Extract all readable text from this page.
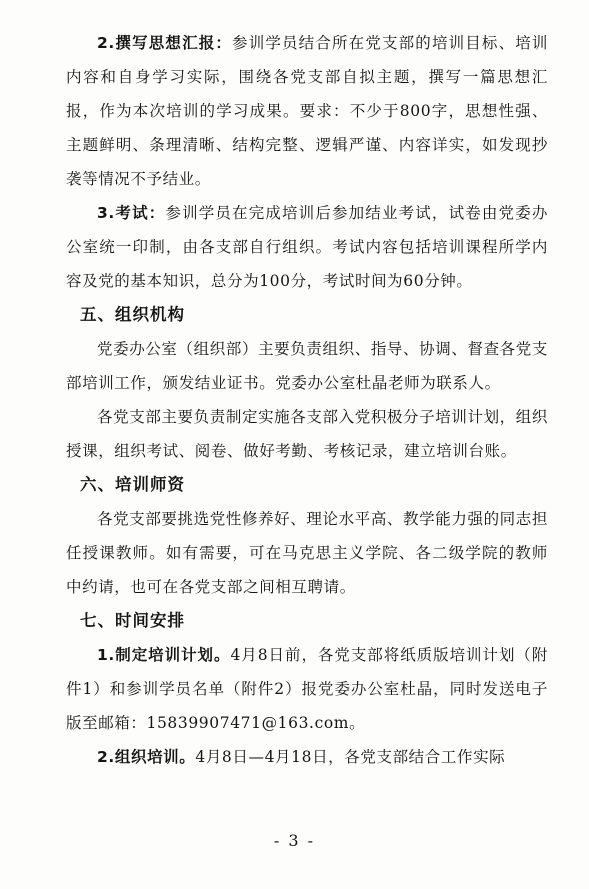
2.撰写思想汇报：参训学员结合所在党支部的培训目标、培训内容和自身学习实际，围绕各党支部自拟主题，撰写一篇思想汇报，作为本次培训的学习成果。要求：不少于800字，思想性强、主题鲜明、条理清晰、结构完整、逻辑严谨、内容详实，如发现抄袭等情况不予结业。

3.考试：参训学员在完成培训后参加结业考试，试卷由党委办公室统一印制，由各支部自行组织。考试内容包括培训课程所学内容及党的基本知识，总分为100分，考试时间为60分钟。

五、组织机构

党委办公室（组织部）主要负责组织、指导、协调、督查各党支部培训工作，颁发结业证书。党委办公室杜晶老师为联系人。

各党支部主要负责制定实施各支部入党积极分子培训计划，组织授课，组织考试、阅卷、做好考勤、考核记录，建立培训台账。

六、培训师资

各党支部要挑选党性修养好、理论水平高、教学能力强的同志担任授课教师。如有需要，可在马克思主义学院、各二级学院的教师中约请，也可在各党支部之间相互聘请。

七、时间安排

1.制定培训计划。4月8日前，各党支部将纸质版培训计划（附件1）和参训学员名单（附件2）报党委办公室杜晶，同时发送电子版至邮箱：15839907471@163.com。

2.组织培训。4月8日—4月18日，各党支部结合工作实际

- 3 -
